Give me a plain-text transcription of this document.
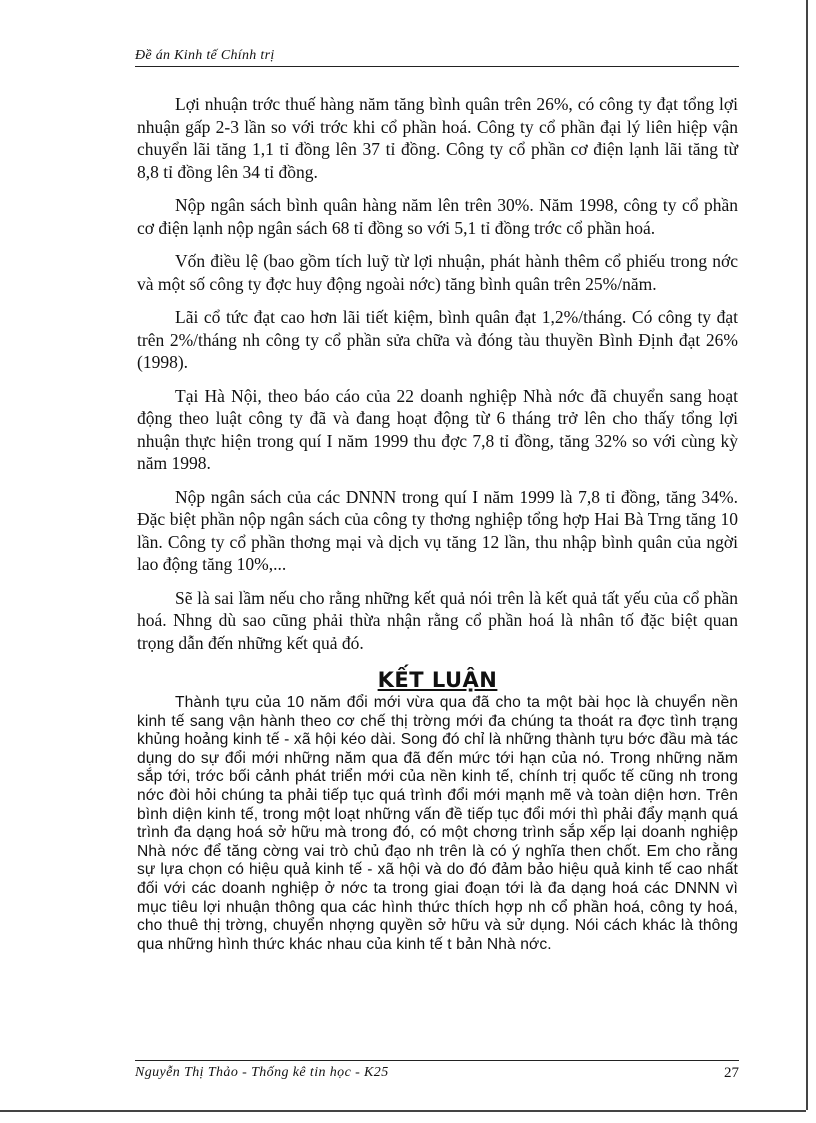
Đề án Kinh tế Chính trị

Lợi nhuận trớc thuế hàng năm tăng bình quân trên 26%, có công ty đạt tổng lợi nhuận gấp 2-3 lần so với trớc khi cổ phần hoá. Công ty cổ phần đại lý liên hiệp vận chuyển lãi tăng 1,1 tỉ đồng lên 37 tỉ đồng. Công ty cổ phần cơ điện lạnh lãi tăng từ 8,8 tỉ đồng lên 34 tỉ đồng.

Nộp ngân sách bình quân hàng năm lên trên 30%. Năm 1998, công ty cổ phần cơ điện lạnh nộp ngân sách 68 tỉ đồng so với 5,1 tỉ đồng trớc cổ phần hoá.

Vốn điều lệ (bao gồm tích luỹ từ lợi nhuận, phát hành thêm cổ phiếu trong nớc và một số công ty đợc huy động ngoài nớc) tăng bình quân trên 25%/năm.

Lãi cổ tức đạt cao hơn lãi tiết kiệm, bình quân đạt 1,2%/tháng. Có công ty đạt trên 2%/tháng nh công ty cổ phần sửa chữa và đóng tàu thuyền Bình Định đạt 26% (1998).

Tại Hà Nội, theo báo cáo của 22 doanh nghiệp Nhà nớc đã chuyển sang hoạt động theo luật công ty đã và đang hoạt động từ 6 tháng trở lên cho thấy tổng lợi nhuận thực hiện trong quí I năm 1999 thu đợc 7,8 tỉ đồng, tăng 32% so với cùng kỳ năm 1998.

Nộp ngân sách của các DNNN trong quí I năm 1999 là 7,8 tỉ đồng, tăng 34%. Đặc biệt phần nộp ngân sách của công ty thơng nghiệp tổng hợp Hai Bà Trng tăng 10 lần. Công ty cổ phần thơng mại và dịch vụ tăng 12 lần, thu nhập bình quân của ngời lao động tăng 10%,...

Sẽ là sai lầm nếu cho rằng những kết quả nói trên là kết quả tất yếu của cổ phần hoá. Nhng dù sao cũng phải thừa nhận rằng cổ phần hoá là nhân tố đặc biệt quan trọng dẫn đến những kết quả đó.

KẾT LUẬN

Thành tựu của 10 năm đổi mới vừa qua đã cho ta một bài học là chuyển nền kinh tế sang vận hành theo cơ chế thị trờng mới đa chúng ta thoát ra đợc tình trạng khủng hoảng kinh tế - xã hội kéo dài. Song đó chỉ là những thành tựu bớc đầu mà tác dụng do sự đổi mới những năm qua đã đến mức tới hạn của nó. Trong những năm sắp tới, trớc bối cảnh phát triển mới của nền kinh tế, chính trị quốc tế cũng nh trong nớc đòi hỏi chúng ta phải tiếp tục quá trình đổi mới mạnh mẽ và toàn diện hơn. Trên bình diện kinh tế, trong một loạt những vấn đề tiếp tục đổi mới thì phải đẩy mạnh quá trình đa dạng hoá sở hữu mà trong đó, có một chơng trình sắp xếp lại doanh nghiệp Nhà nớc để tăng cờng vai trò chủ đạo nh trên là có ý nghĩa then chốt. Em cho rằng sự lựa chọn có hiệu quả kinh tế - xã hội và do đó đảm bảo hiệu quả kinh tế cao nhất đối với các doanh nghiệp ở nớc ta trong giai đoạn tới là đa dạng hoá các DNNN vì mục tiêu lợi nhuận thông qua các hình thức thích hợp nh cổ phần hoá, công ty hoá, cho thuê thị trờng, chuyển nhợng quyền sở hữu và sử dụng. Nói cách khác là thông qua những hình thức khác nhau của kinh tế t bản Nhà nớc.

Nguyễn Thị Thảo - Thống kê tin học - K25	27
